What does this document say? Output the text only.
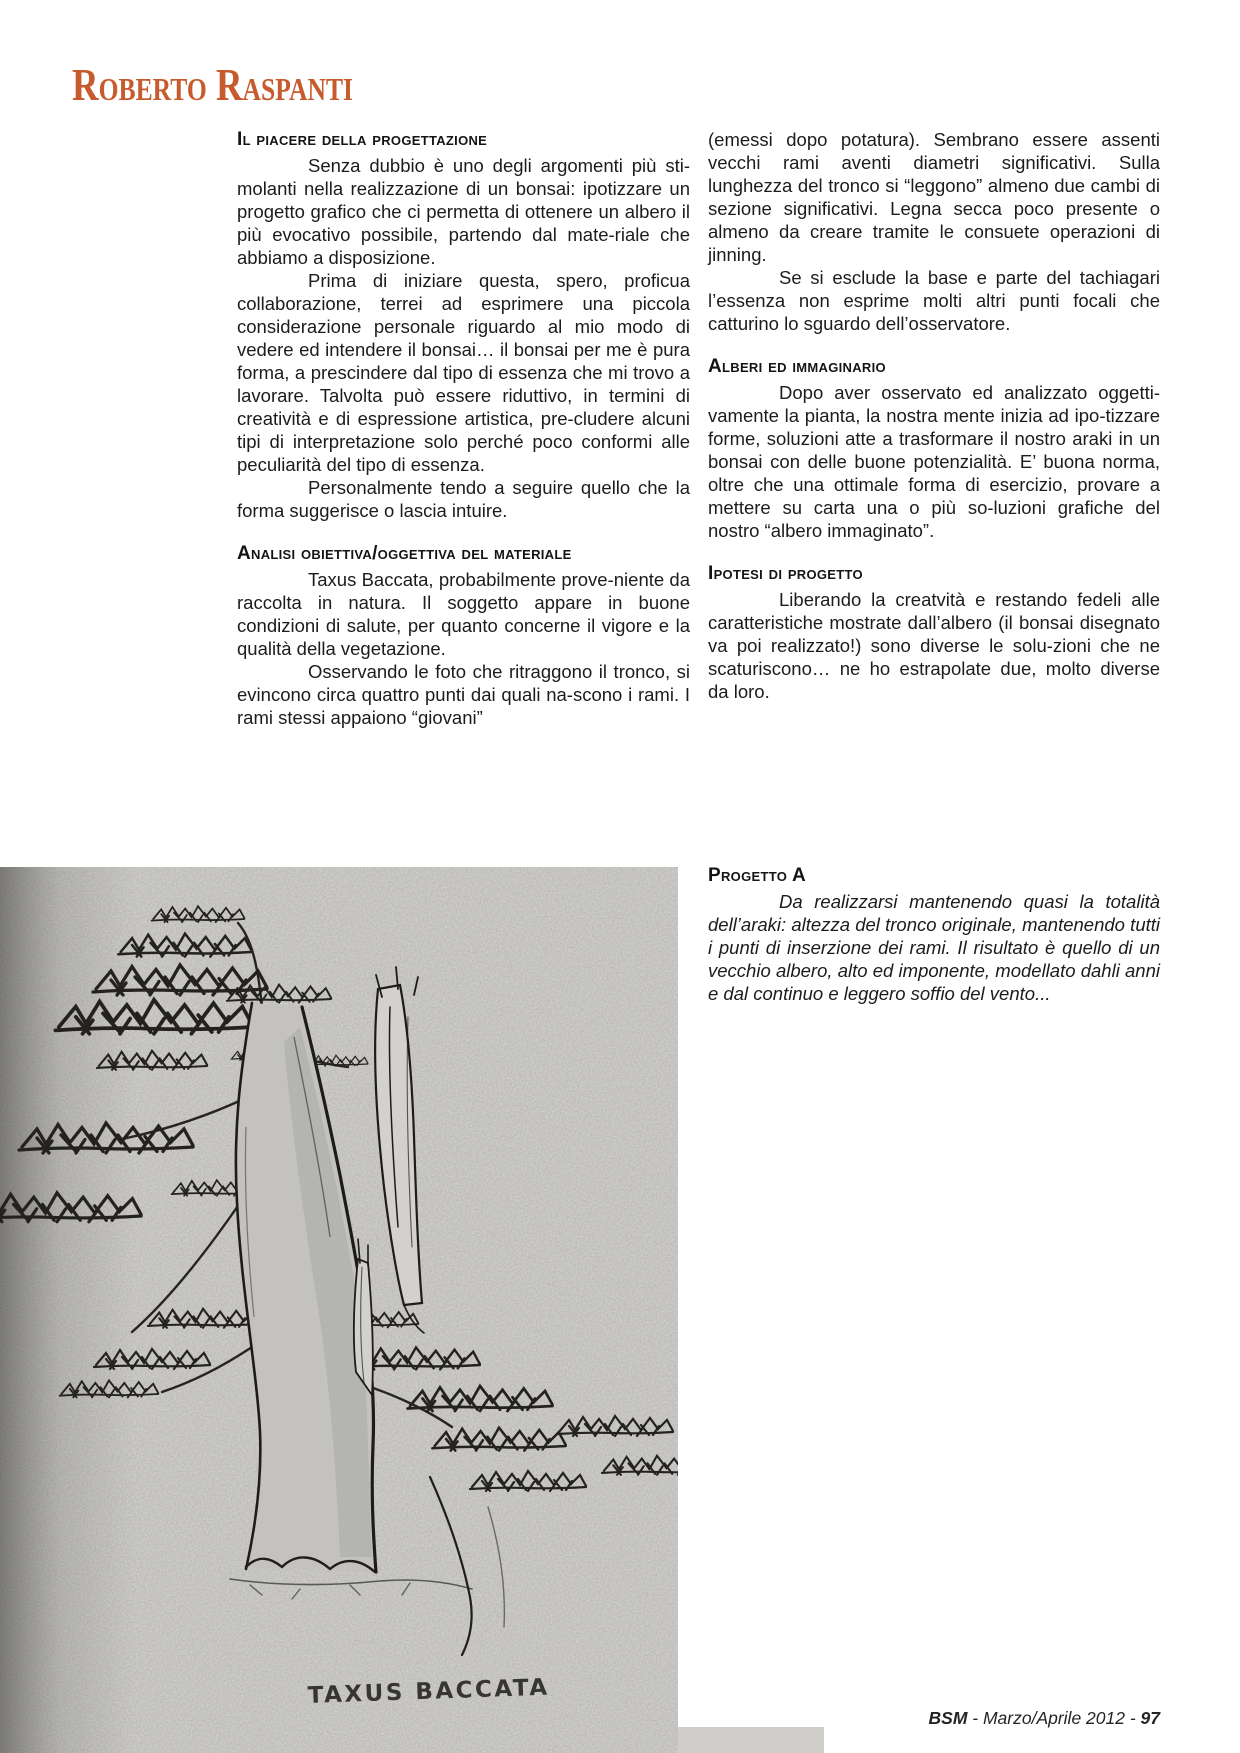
Roberto Raspanti
Il piacere della progettazione

Senza dubbio è uno degli argomenti più sti-molanti nella realizzazione di un bonsai: ipotizzare un progetto grafico che ci permetta di ottenere un albero il più evocativo possibile, partendo dal mate-riale che abbiamo a disposizione.

Prima di iniziare questa, spero, proficua collaborazione, terrei ad esprimere una piccola considerazione personale riguardo al mio modo di vedere ed intendere il bonsai… il bonsai per me è pura forma, a prescindere dal tipo di essenza che mi trovo a lavorare. Talvolta può essere riduttivo, in termini di creatività e di espressione artistica, pre-cludere alcuni tipi di interpretazione solo perché poco conformi alle peculiarità del tipo di essenza.

Personalmente tendo a seguire quello che la forma suggerisce o lascia intuire.

Analisi obiettiva/oggettiva del materiale

Taxus Baccata, probabilmente prove-niente da raccolta in natura. Il soggetto appare in buone condizioni di salute, per quanto concerne il vigore e la qualità della vegetazione.

Osservando le foto che ritraggono il tronco, si evincono circa quattro punti dai quali na-scono i rami. I rami stessi appaiono “giovani”

(emessi dopo potatura). Sembrano essere assenti vecchi rami aventi diametri significativi. Sulla lunghezza del tronco si “leggono” almeno due cambi di sezione significativi. Legna secca poco presente o almeno da creare tramite le consuete operazioni di jinning.

Se si esclude la base e parte del tachiagari l’essenza non esprime molti altri punti focali che catturino lo sguardo dell’osservatore.

Alberi ed immaginario

Dopo aver osservato ed analizzato oggetti-vamente la pianta, la nostra mente inizia ad ipo-tizzare forme, soluzioni atte a trasformare il nostro araki in un bonsai con delle buone potenzialità. E’ buona norma, oltre che una ottimale forma di esercizio, provare a mettere su carta una o più so-luzioni grafiche del nostro “albero immaginato”.

Ipotesi di progetto

Liberando la creatvità e restando fedeli alle caratteristiche mostrate dall’albero (il bonsai disegnato va poi realizzato!) sono diverse le solu-zioni che ne scaturiscono… ne ho estrapolate due, molto diverse da loro.

Progetto A

Da realizzarsi mantenendo quasi la totalità dell’araki: altezza del tronco originale, mantenendo tutti i punti di inserzione dei rami. Il risultato è quello di un vecchio albero, alto ed imponente, modellato dahli anni e dal continuo e leggero soffio del vento...

TAXUS BACCATA
BSM - Marzo/Aprile 2012 - 97
